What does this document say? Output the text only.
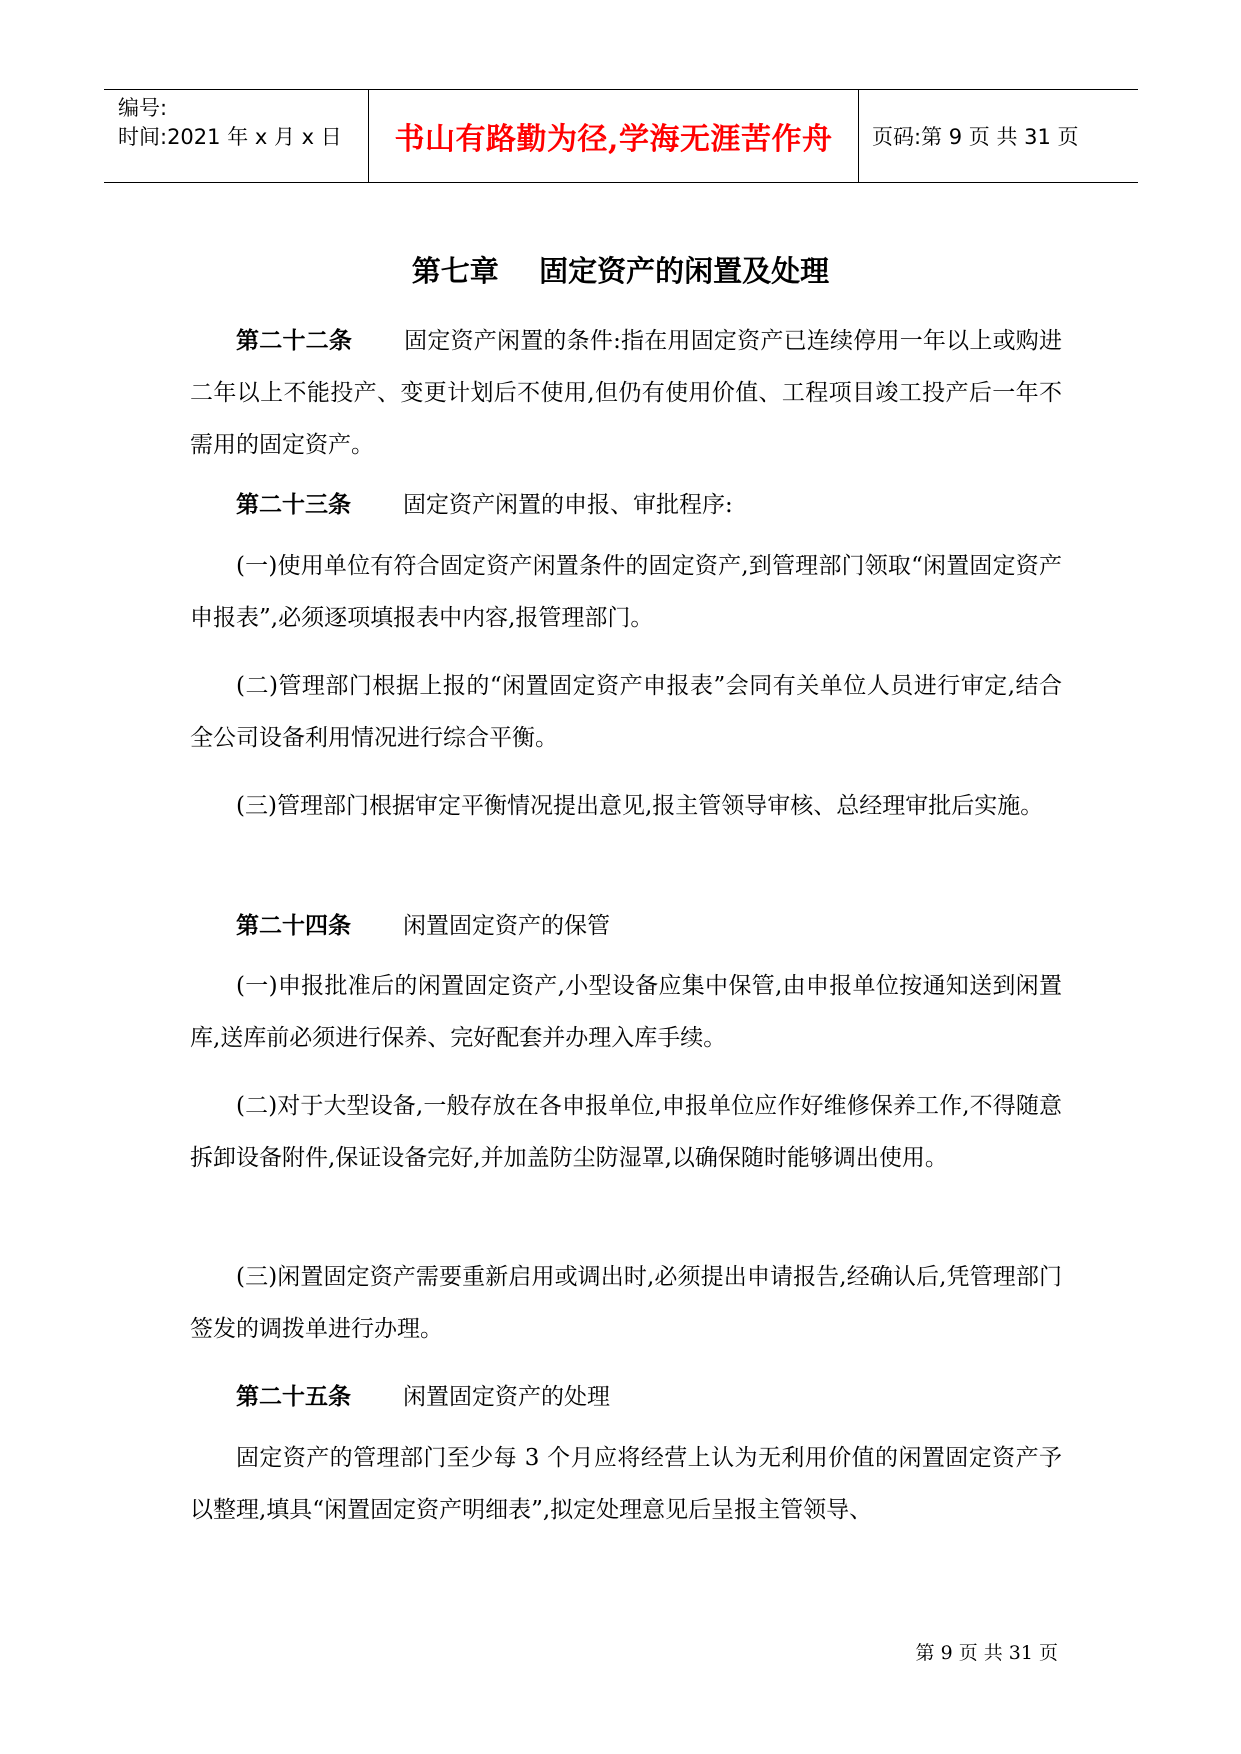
编号:
时间:2021 年 x 月 x 日	书山有路勤为径,学海无涯苦作舟	页码:第 9 页 共 31 页
第七章    固定资产的闲置及处理

第二十二条 固定资产闲置的条件:指在用固定资产已连续停用一年以上或购进二年以上不能投产、变更计划后不使用,但仍有使用价值、工程项目竣工投产后一年不需用的固定资产。

第二十三条 固定资产闲置的申报、审批程序:

(一)使用单位有符合固定资产闲置条件的固定资产,到管理部门领取“闲置固定资产申报表”,必须逐项填报表中内容,报管理部门。

(二)管理部门根据上报的“闲置固定资产申报表”会同有关单位人员进行审定,结合全公司设备利用情况进行综合平衡。

(三)管理部门根据审定平衡情况提出意见,报主管领导审核、总经理审批后实施。

第二十四条 闲置固定资产的保管

(一)申报批准后的闲置固定资产,小型设备应集中保管,由申报单位按通知送到闲置库,送库前必须进行保养、完好配套并办理入库手续。

(二)对于大型设备,一般存放在各申报单位,申报单位应作好维修保养工作,不得随意拆卸设备附件,保证设备完好,并加盖防尘防湿罩,以确保随时能够调出使用。

(三)闲置固定资产需要重新启用或调出时,必须提出申请报告,经确认后,凭管理部门签发的调拨单进行办理。

第二十五条 闲置固定资产的处理

固定资产的管理部门至少每 3 个月应将经营上认为无利用价值的闲置固定资产予以整理,填具“闲置固定资产明细表”,拟定处理意见后呈报主管领导、

第 9 页 共 31 页
